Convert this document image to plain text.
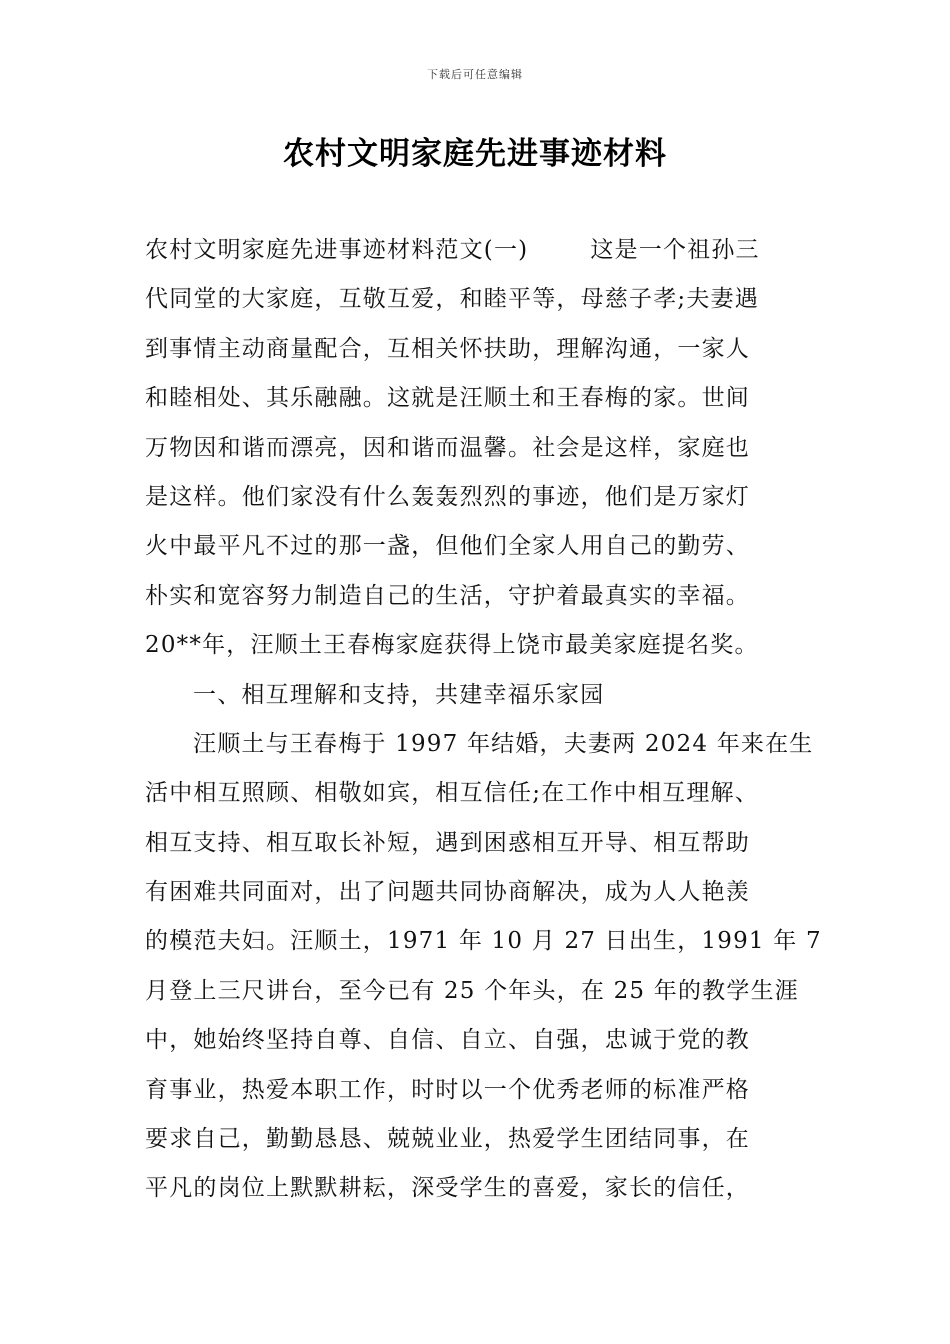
下载后可任意编辑
农村文明家庭先进事迹材料
农村文明家庭先进事迹材料范文(一)	这是一个祖孙三
代同堂的大家庭，互敬互爱，和睦平等，母慈子孝;夫妻遇
到事情主动商量配合，互相关怀扶助，理解沟通，一家人
和睦相处、其乐融融。这就是汪顺土和王春梅的家。世间
万物因和谐而漂亮，因和谐而温馨。社会是这样，家庭也
是这样。他们家没有什么轰轰烈烈的事迹，他们是万家灯
火中最平凡不过的那一盏，但他们全家人用自己的勤劳、
朴实和宽容努力制造自己的生活，守护着最真实的幸福。
20**年，汪顺土王春梅家庭获得上饶市最美家庭提名奖。
一、相互理解和支持，共建幸福乐家园
汪顺土与王春梅于 1997 年结婚，夫妻两 2024 年来在生
活中相互照顾、相敬如宾，相互信任;在工作中相互理解、
相互支持、相互取长补短，遇到困惑相互开导、相互帮助
有困难共同面对，出了问题共同协商解决，成为人人艳羡
的模范夫妇。汪顺土，1971 年 10 月 27 日出生，1991 年 7
月登上三尺讲台，至今已有 25 个年头，在 25 年的教学生涯
中，她始终坚持自尊、自信、自立、自强，忠诚于党的教
育事业，热爱本职工作，时时以一个优秀老师的标准严格
要求自己，勤勤恳恳、兢兢业业，热爱学生团结同事，在
平凡的岗位上默默耕耘，深受学生的喜爱，家长的信任，
